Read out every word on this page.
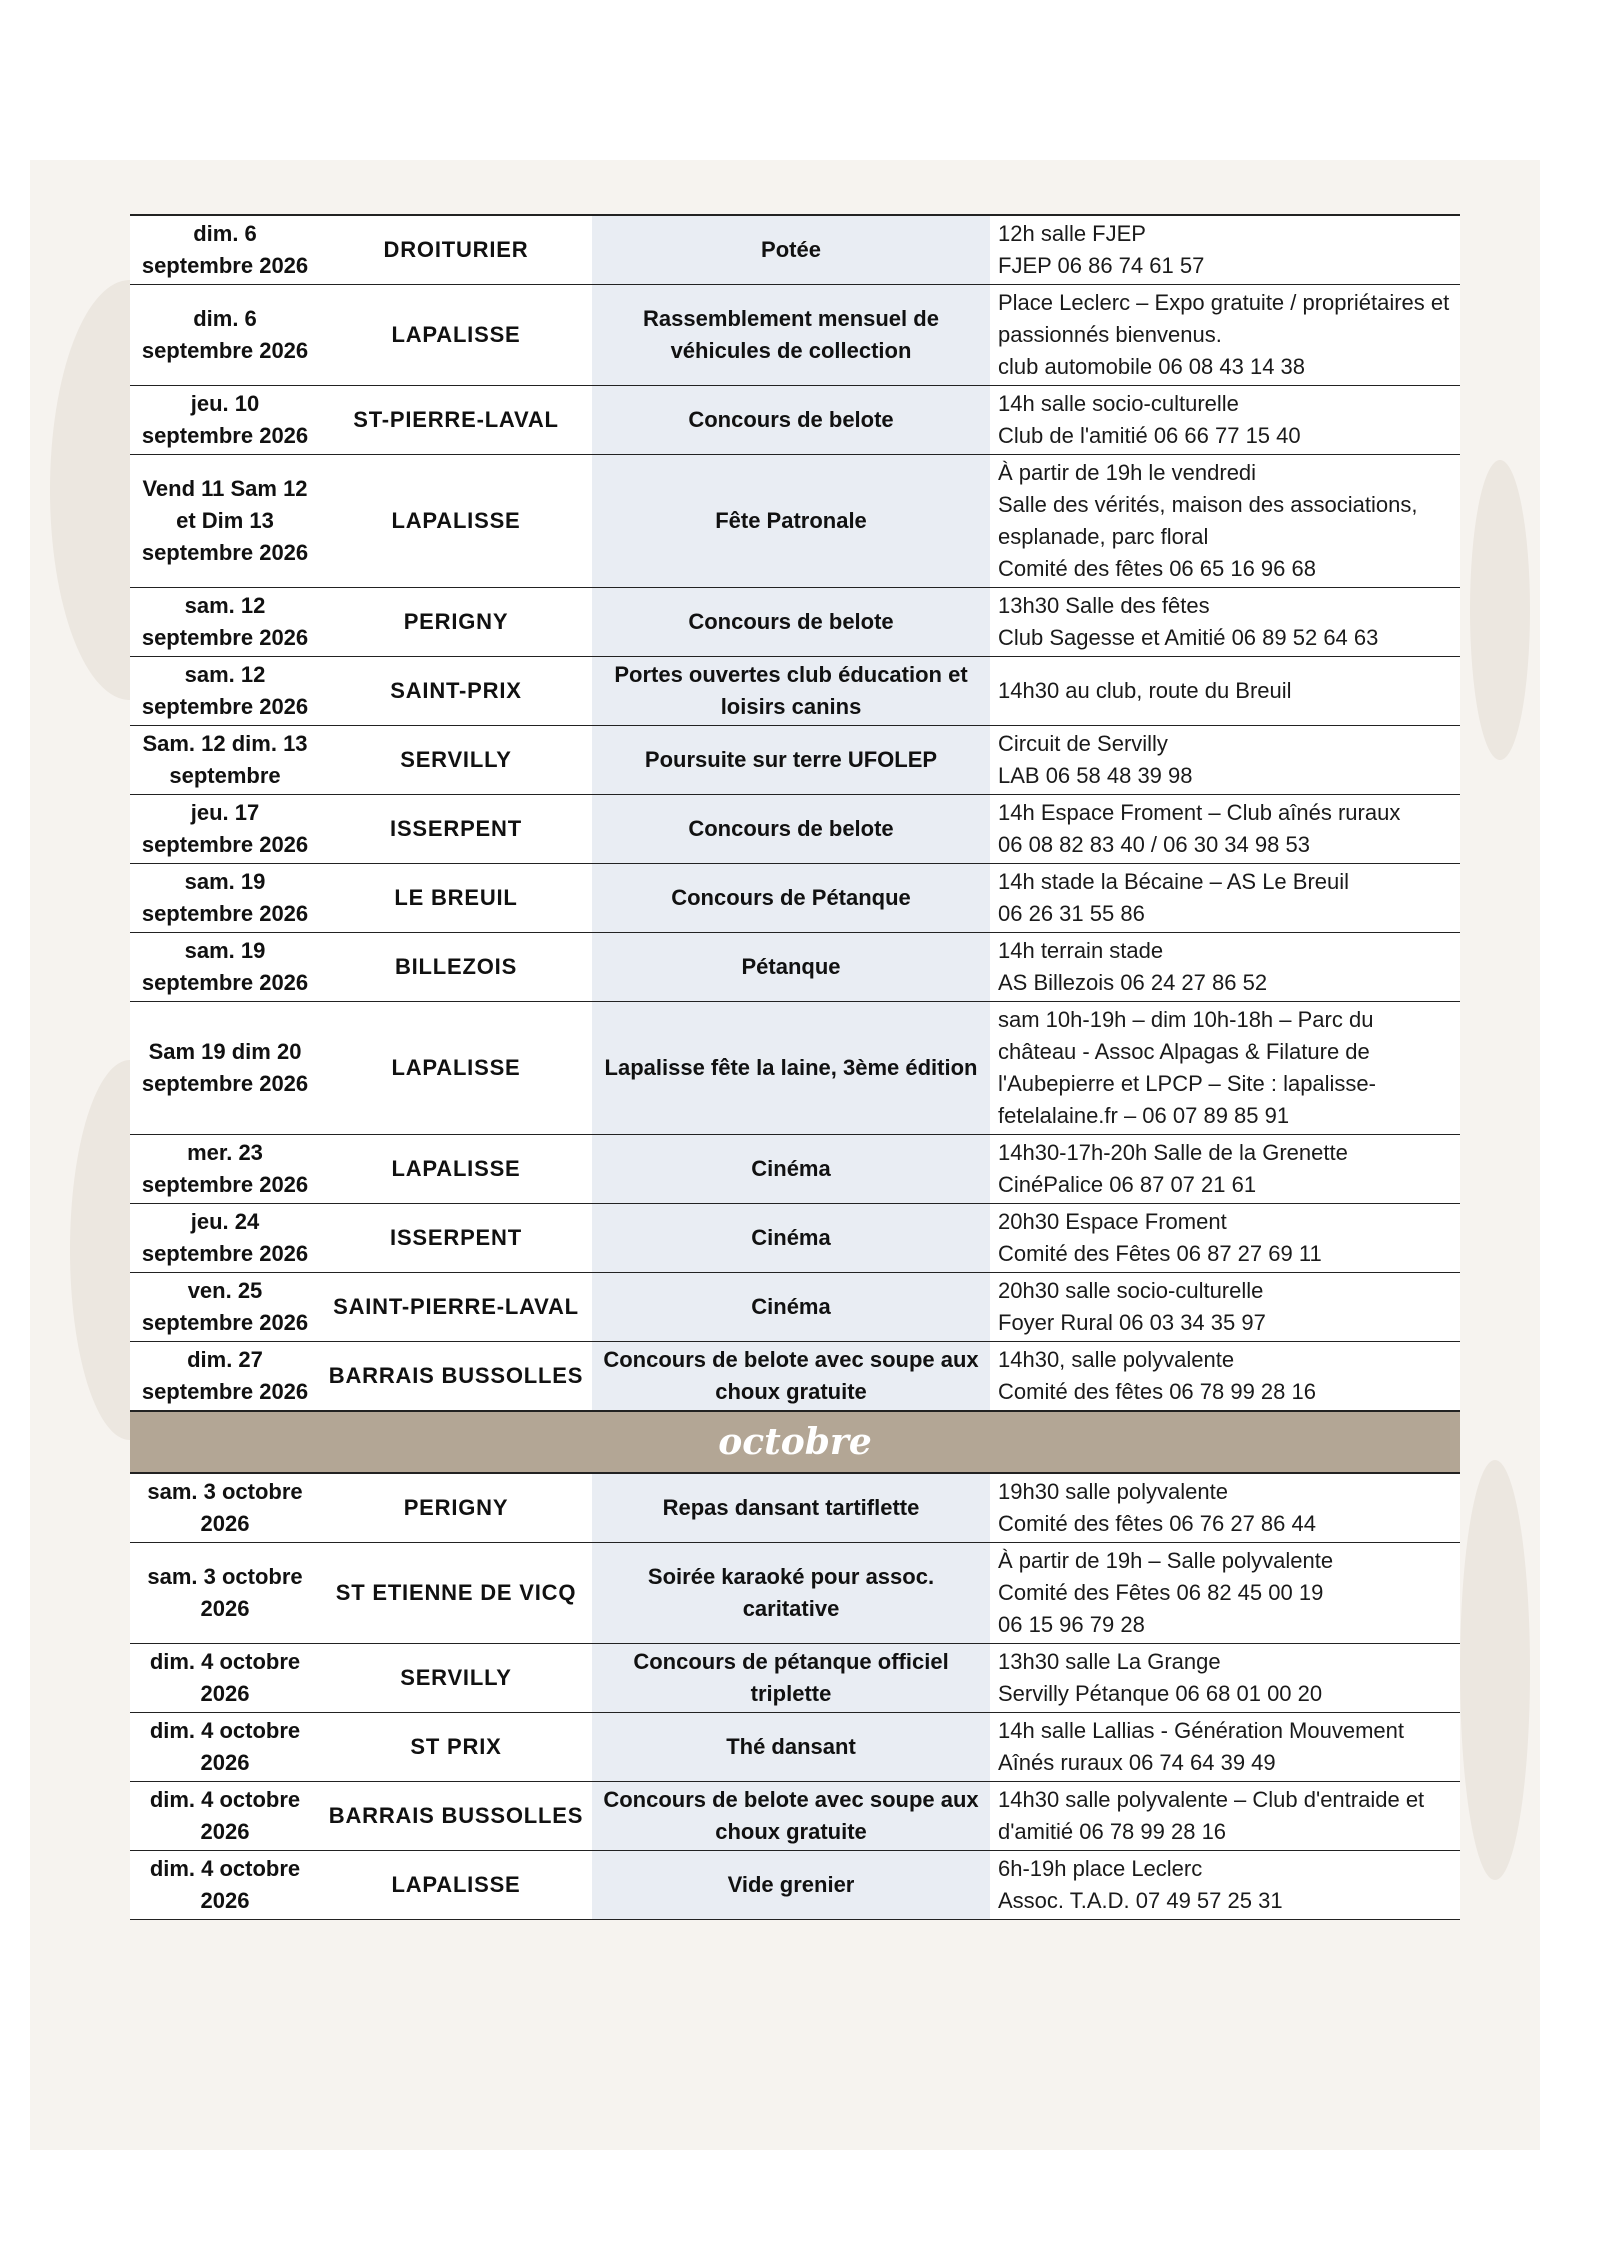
dim. 6
septembre 2026	DROITURIER	Potée	12h salle FJEP
FJEP 06 86 74 61 57
dim. 6
septembre 2026	LAPALISSE	Rassemblement mensuel de véhicules de collection	Place Leclerc – Expo gratuite / propriétaires et passionnés bienvenus.
club automobile 06 08 43 14 38
jeu. 10
septembre 2026	ST-PIERRE-LAVAL	Concours de belote	14h salle socio-culturelle
Club de l'amitié 06 66 77 15 40
Vend 11 Sam 12
et Dim 13
septembre 2026	LAPALISSE	Fête Patronale	À partir de 19h le vendredi
Salle des vérités, maison des associations, esplanade, parc floral
Comité des fêtes 06 65 16 96 68
sam. 12
septembre 2026	PERIGNY	Concours de belote	13h30 Salle des fêtes
Club Sagesse et Amitié 06 89 52 64 63
sam. 12
septembre 2026	SAINT-PRIX	Portes ouvertes club éducation et loisirs canins	14h30 au club, route du Breuil
Sam. 12 dim. 13
septembre	SERVILLY	Poursuite sur terre UFOLEP	Circuit de Servilly
LAB 06 58 48 39 98
jeu. 17
septembre 2026	ISSERPENT	Concours de belote	14h Espace Froment – Club aînés ruraux
06 08 82 83 40 / 06 30 34 98 53
sam. 19
septembre 2026	LE BREUIL	Concours de Pétanque	14h stade la Bécaine – AS Le Breuil
06 26 31 55 86
sam. 19
septembre 2026	BILLEZOIS	Pétanque	14h terrain stade
AS Billezois 06 24 27 86 52
Sam 19 dim 20
septembre 2026	LAPALISSE	Lapalisse fête la laine, 3ème édition	sam 10h-19h – dim 10h-18h – Parc du château - Assoc Alpagas & Filature de l'Aubepierre et LPCP – Site : lapalisse-fetelalaine.fr – 06 07 89 85 91
mer. 23
septembre 2026	LAPALISSE	Cinéma	14h30-17h-20h Salle de la Grenette
CinéPalice 06 87 07 21 61
jeu. 24
septembre 2026	ISSERPENT	Cinéma	20h30 Espace Froment
Comité des Fêtes 06 87 27 69 11
ven. 25
septembre 2026	SAINT-PIERRE-LAVAL	Cinéma	20h30 salle socio-culturelle
Foyer Rural 06 03 34 35 97
dim. 27
septembre 2026	BARRAIS BUSSOLLES	Concours de belote avec soupe aux choux gratuite	14h30, salle polyvalente
Comité des fêtes 06 78 99 28 16
octobre			
sam. 3 octobre
2026	PERIGNY	Repas dansant tartiflette	19h30 salle polyvalente
Comité des fêtes 06 76 27 86 44
sam. 3 octobre
2026	ST ETIENNE DE VICQ	Soirée karaoké pour assoc. caritative	À partir de 19h – Salle polyvalente
Comité des Fêtes 06 82 45 00 19
06 15 96 79 28
dim. 4 octobre
2026	SERVILLY	Concours de pétanque officiel triplette	13h30 salle La Grange
Servilly Pétanque 06 68 01 00 20
dim. 4 octobre
2026	ST PRIX	Thé dansant	14h salle Lallias - Génération Mouvement
Aînés ruraux 06 74 64 39 49
dim. 4 octobre
2026	BARRAIS BUSSOLLES	Concours de belote avec soupe aux choux gratuite	14h30 salle polyvalente – Club d'entraide et d'amitié 06 78 99 28 16
dim. 4 octobre
2026	LAPALISSE	Vide grenier	6h-19h place Leclerc
Assoc. T.A.D. 07 49 57 25 31
